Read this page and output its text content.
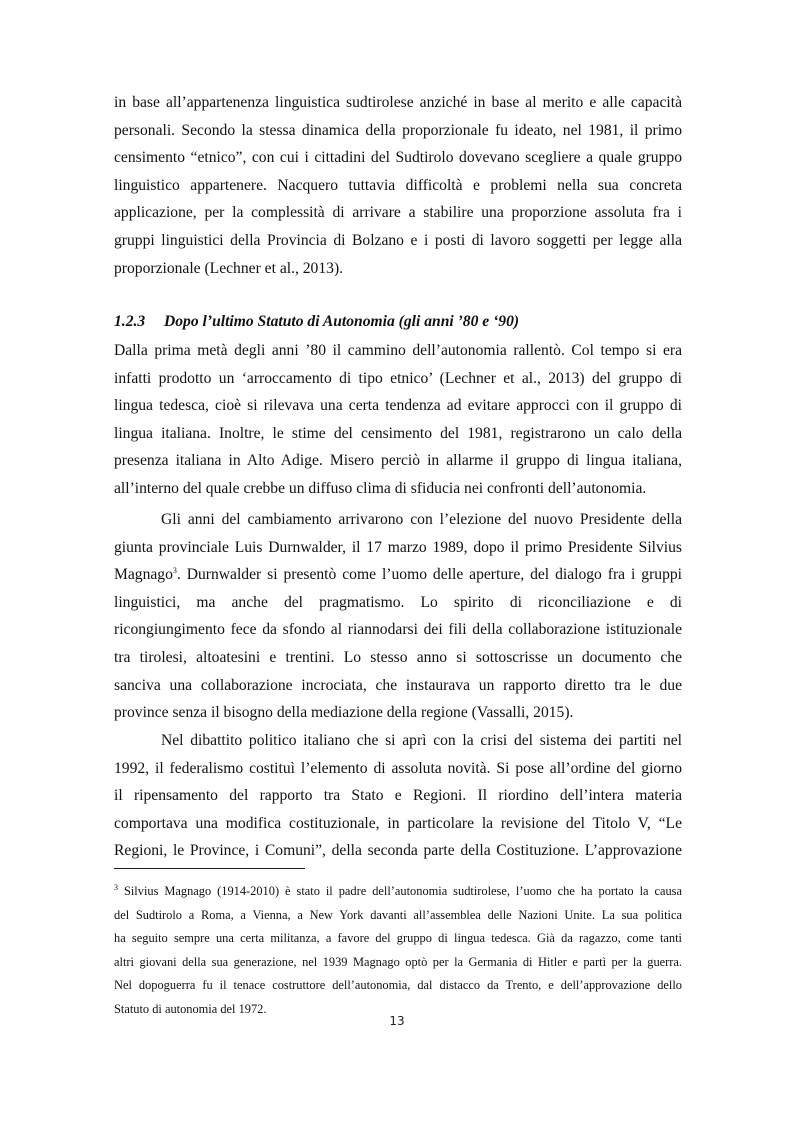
in base all’appartenenza linguistica sudtirolese anziché in base al merito e alle capacità
personali. Secondo la stessa dinamica della proporzionale fu ideato, nel 1981, il primo
censimento “etnico”, con cui i cittadini del Sudtirolo dovevano scegliere a quale gruppo
linguistico appartenere. Nacquero tuttavia difficoltà e problemi nella sua concreta
applicazione, per la complessità di arrivare a stabilire una proporzione assoluta fra i
gruppi linguistici della Provincia di Bolzano e i posti di lavoro soggetti per legge alla
proporzionale (Lechner et al., 2013).
1.2.3 Dopo l’ultimo Statuto di Autonomia (gli anni ’80 e ‘90)
Dalla prima metà degli anni ’80 il cammino dell’autonomia rallentò. Col tempo si era
infatti prodotto un ‘arroccamento di tipo etnico’ (Lechner et al., 2013) del gruppo di
lingua tedesca, cioè si rilevava una certa tendenza ad evitare approcci con il gruppo di
lingua italiana. Inoltre, le stime del censimento del 1981, registrarono un calo della
presenza italiana in Alto Adige. Misero perciò in allarme il gruppo di lingua italiana,
all’interno del quale crebbe un diffuso clima di sfiducia nei confronti dell’autonomia.
Gli anni del cambiamento arrivarono con l’elezione del nuovo Presidente della
giunta provinciale Luis Durnwalder, il 17 marzo 1989, dopo il primo Presidente Silvius
Magnago$^3$. Durnwalder si presentò come l’uomo delle aperture, del dialogo fra i gruppi
linguistici, ma anche del pragmatismo. Lo spirito di riconciliazione e di
ricongiungimento fece da sfondo al riannodarsi dei fili della collaborazione istituzionale
tra tirolesi, altoatesini e trentini. Lo stesso anno si sottoscrisse un documento che
sanciva una collaborazione incrociata, che instaurava un rapporto diretto tra le due
province senza il bisogno della mediazione della regione (Vassalli, 2015).
Nel dibattito politico italiano che si aprì con la crisi del sistema dei partiti nel
1992, il federalismo costituì l’elemento di assoluta novità. Si pose all’ordine del giorno
il ripensamento del rapporto tra Stato e Regioni. Il riordino dell’intera materia
comportava una modifica costituzionale, in particolare la revisione del Titolo V, “Le
Regioni, le Province, i Comuni”, della seconda parte della Costituzione. L’approvazione
$^3$ Silvius Magnago (1914-2010) è stato il padre dell’autonomia sudtirolese, l’uomo che ha portato la causa
del Sudtirolo a Roma, a Vienna, a New York davanti all’assemblea delle Nazioni Unite. La sua politica
ha seguito sempre una certa militanza, a favore del gruppo di lingua tedesca. Già da ragazzo, come tanti
altri giovani della sua generazione, nel 1939 Magnago optò per la Germania di Hitler e partì per la guerra.
Nel dopoguerra fu il tenace costruttore dell’autonomia, dal distacco da Trento, e dell’approvazione dello
Statuto di autonomia del 1972.
13
